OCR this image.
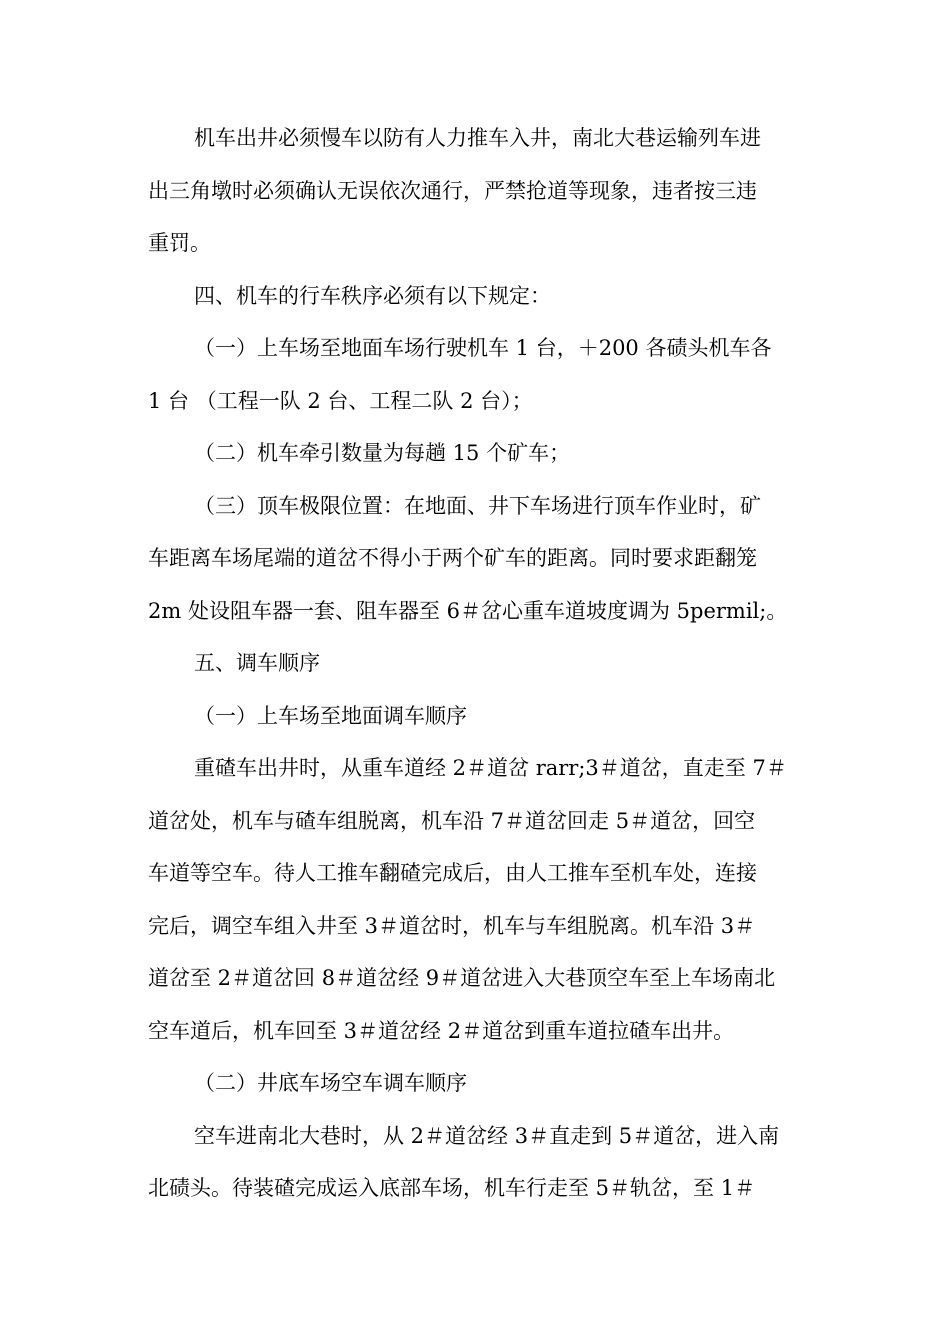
机车出井必须慢车以防有人力推车入井，南北大巷运输列车进
出三角墩时必须确认无误依次通行，严禁抢道等现象，违者按三违
重罚。

四、机车的行车秩序必须有以下规定：

（一）上车场至地面车场行驶机车 1 台，＋200 各碛头机车各
1 台 （工程一队 2 台、工程二队 2 台）；

（二）机车牵引数量为每趟 15 个矿车；

（三）顶车极限位置：在地面、井下车场进行顶车作业时，矿
车距离车场尾端的道岔不得小于两个矿车的距离。同时要求距翻笼
2m 处设阻车器一套、阻车器至 6＃岔心重车道坡度调为 5permil;。

五、调车顺序

（一）上车场至地面调车顺序

重碴车出井时，从重车道经 2＃道岔 rarr;3＃道岔，直走至 7＃
道岔处，机车与碴车组脱离，机车沿 7＃道岔回走 5＃道岔，回空
车道等空车。待人工推车翻碴完成后，由人工推车至机车处，连接
完后，调空车组入井至 3＃道岔时，机车与车组脱离。机车沿 3＃
道岔至 2＃道岔回 8＃道岔经 9＃道岔进入大巷顶空车至上车场南北
空车道后，机车回至 3＃道岔经 2＃道岔到重车道拉碴车出井。

（二）井底车场空车调车顺序

空车进南北大巷时，从 2＃道岔经 3＃直走到 5＃道岔，进入南
北碛头。待装碴完成运入底部车场，机车行走至 5＃轨岔，至 1＃
